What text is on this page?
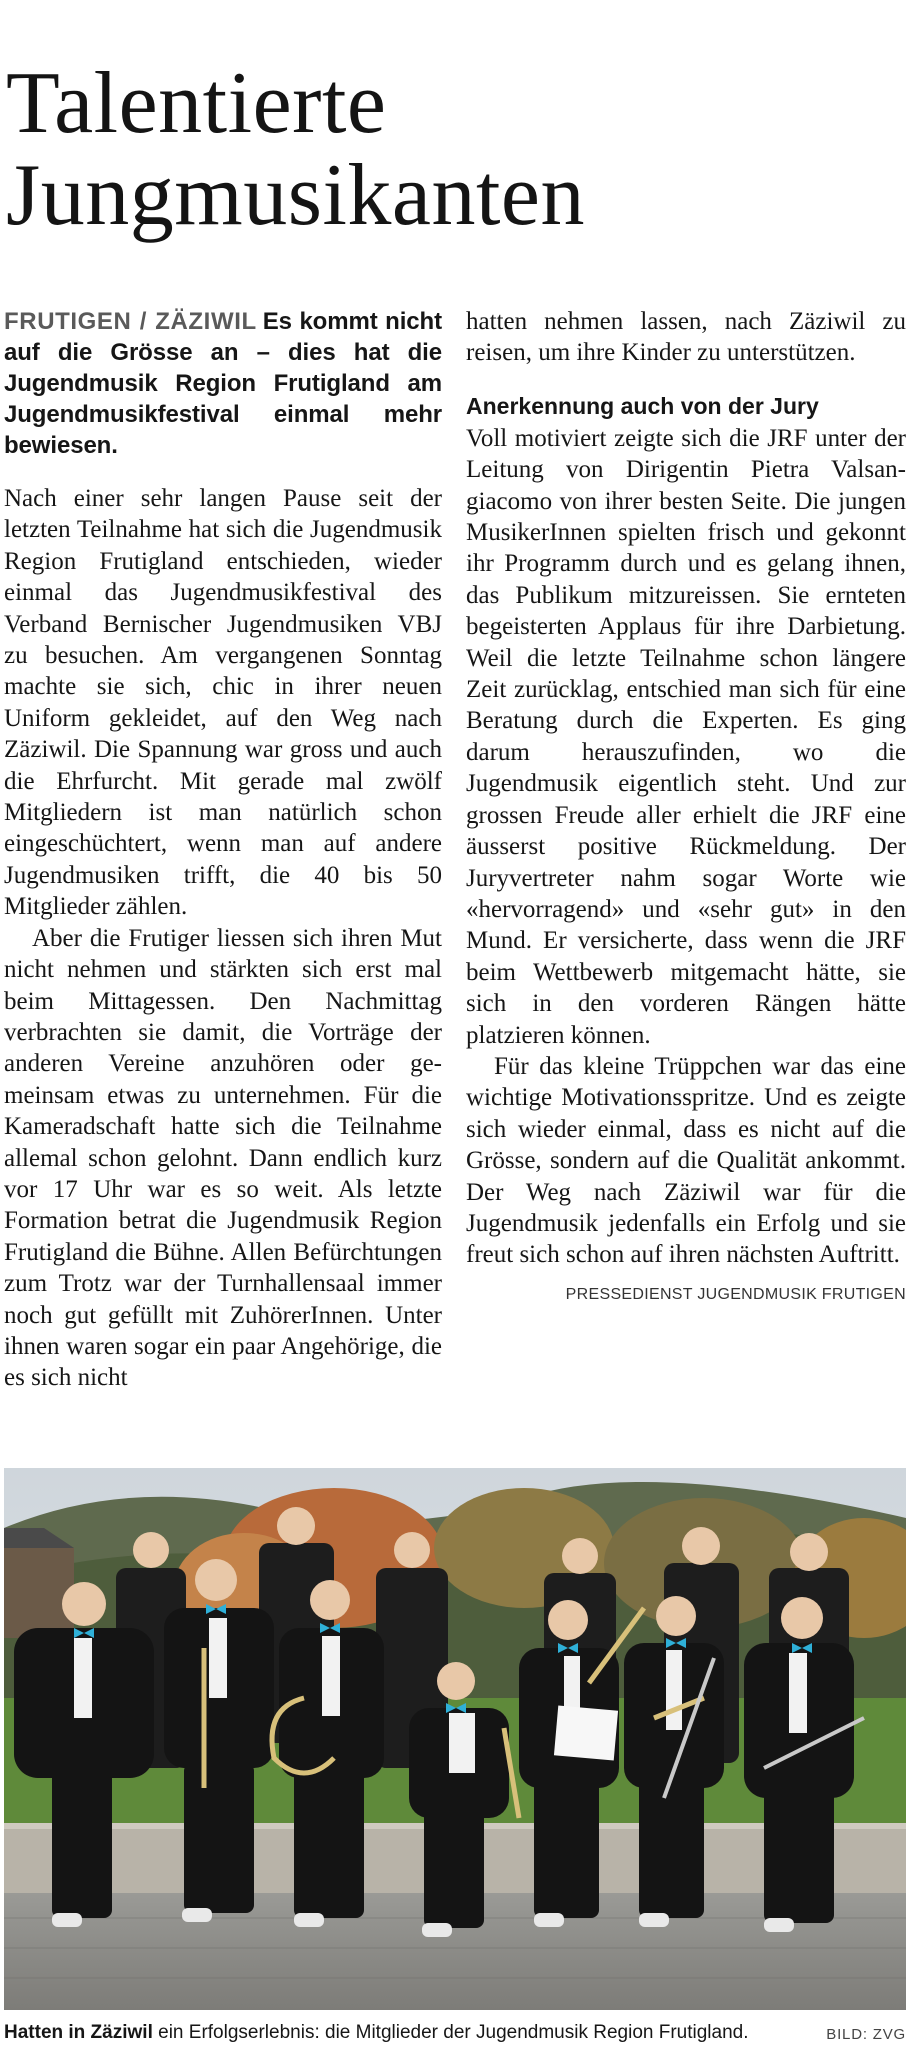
Talentierte
Jungmusikanten

FRUTIGEN / ZÄZIWIL Es kommt nicht auf die Grösse an – dies hat die Jugendmusik Region Frutigland am Jugendmusikfestival einmal mehr bewiesen.

Nach einer sehr langen Pause seit der letzten Teilnahme hat sich die Jugendmusik Region Frutigland entschieden, wieder einmal das Jugendmusikfestival des Verband Bernischer Jugendmusiken VBJ zu besuchen. Am vergangenen Sonntag machte sie sich, chic in ihrer neuen Uniform gekleidet, auf den Weg nach Zäziwil. Die Spannung war gross und auch die Ehrfurcht. Mit gerade mal zwölf Mitgliedern ist man natürlich schon eingeschüchtert, wenn man auf andere Jugendmusiken trifft, die 40 bis 50 Mitglieder zählen.

Aber die Frutiger liessen sich ihren Mut nicht nehmen und stärkten sich erst mal beim Mittagessen. Den Nachmittag verbrachten sie damit, die Vorträge der anderen Vereine anzuhören oder gemeinsam etwas zu unternehmen. Für die Kameradschaft hatte sich die Teilnahme allemal schon gelohnt. Dann endlich kurz vor 17 Uhr war es so weit. Als letzte Formation betrat die Jugendmusik Region Frutigland die Bühne. Allen Befürchtungen zum Trotz war der Turnhallensaal immer noch gut gefüllt mit ZuhörerInnen. Unter ihnen waren sogar ein paar Angehörige, die es sich nicht

hatten nehmen lassen, nach Zäziwil zu reisen, um ihre Kinder zu unterstützen.

Anerkennung auch von der Jury

Voll motiviert zeigte sich die JRF unter der Leitung von Dirigentin Pietra Valsangiacomo von ihrer besten Seite. Die jungen MusikerInnen spielten frisch und gekonnt ihr Programm durch und es gelang ihnen, das Publikum mitzureissen. Sie ernteten begeisterten Applaus für ihre Darbietung. Weil die letzte Teilnahme schon längere Zeit zurücklag, entschied man sich für eine Beratung durch die Experten. Es ging darum herauszufinden, wo die Jugendmusik eigentlich steht. Und zur grossen Freude aller erhielt die JRF eine äusserst positive Rückmeldung. Der Juryvertreter nahm sogar Worte wie «hervorragend» und «sehr gut» in den Mund. Er versicherte, dass wenn die JRF beim Wettbewerb mitgemacht hätte, sie sich in den vorderen Rängen hätte platzieren können.

Für das kleine Trüppchen war das eine wichtige Motivationsspritze. Und es zeigte sich wieder einmal, dass es nicht auf die Grösse, sondern auf die Qualität ankommt. Der Weg nach Zäziwil war für die Jugendmusik jedenfalls ein Erfolg und sie freut sich schon auf ihren nächsten Auftritt.

PRESSEDIENST JUGENDMUSIK FRUTIGEN

Hatten in Zäziwil ein Erfolgserlebnis: die Mitglieder der Jugendmusik Region Frutigland.	BILD: ZVG
